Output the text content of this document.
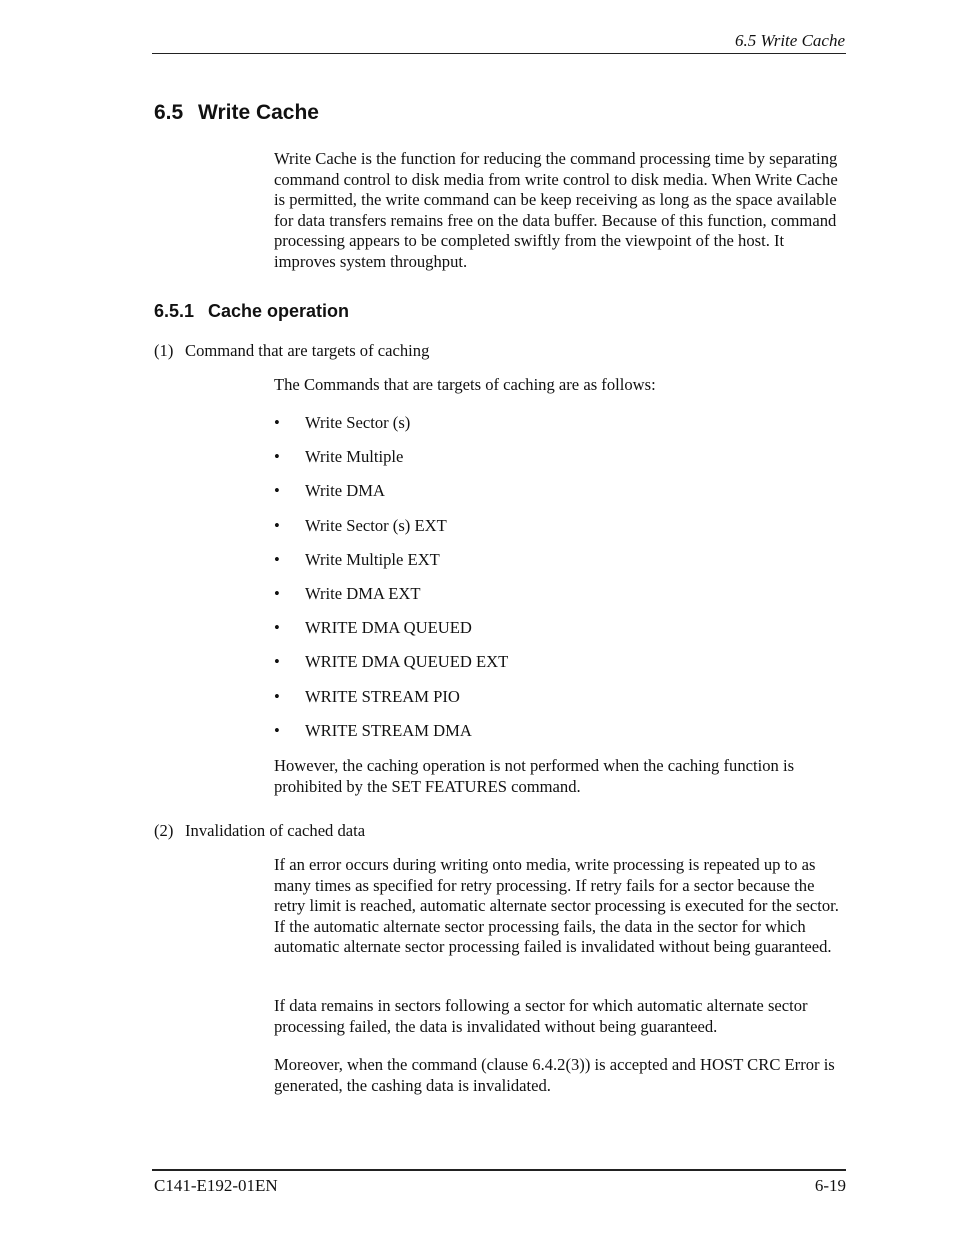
6.5 Write Cache
6.5 Write Cache

Write Cache is the function for reducing the command processing time by separating command control to disk media from write control to disk media. When Write Cache is permitted, the write command can be keep receiving as long as the space available for data transfers remains free on the data buffer. Because of this function, command processing appears to be completed swiftly from the viewpoint of the host. It improves system throughput.

6.5.1 Cache operation

(1) Command that are targets of caching

The Commands that are targets of caching are as follows:

• Write Sector (s)
• Write Multiple
• Write DMA
• Write Sector (s) EXT
• Write Multiple EXT
• Write DMA EXT
• WRITE DMA QUEUED
• WRITE DMA QUEUED EXT
• WRITE STREAM PIO
• WRITE STREAM DMA

However, the caching operation is not performed when the caching function is prohibited by the SET FEATURES command.

(2) Invalidation of cached data

If an error occurs during writing onto media, write processing is repeated up to as many times as specified for retry processing. If retry fails for a sector because the retry limit is reached, automatic alternate sector processing is executed for the sector. If the automatic alternate sector processing fails, the data in the sector for which automatic alternate sector processing failed is invalidated without being guaranteed.

If data remains in sectors following a sector for which automatic alternate sector processing failed, the data is invalidated without being guaranteed.

Moreover, when the command (clause 6.4.2(3)) is accepted and HOST CRC Error is generated, the cashing data is invalidated.

C141-E192-01EN	6-19
